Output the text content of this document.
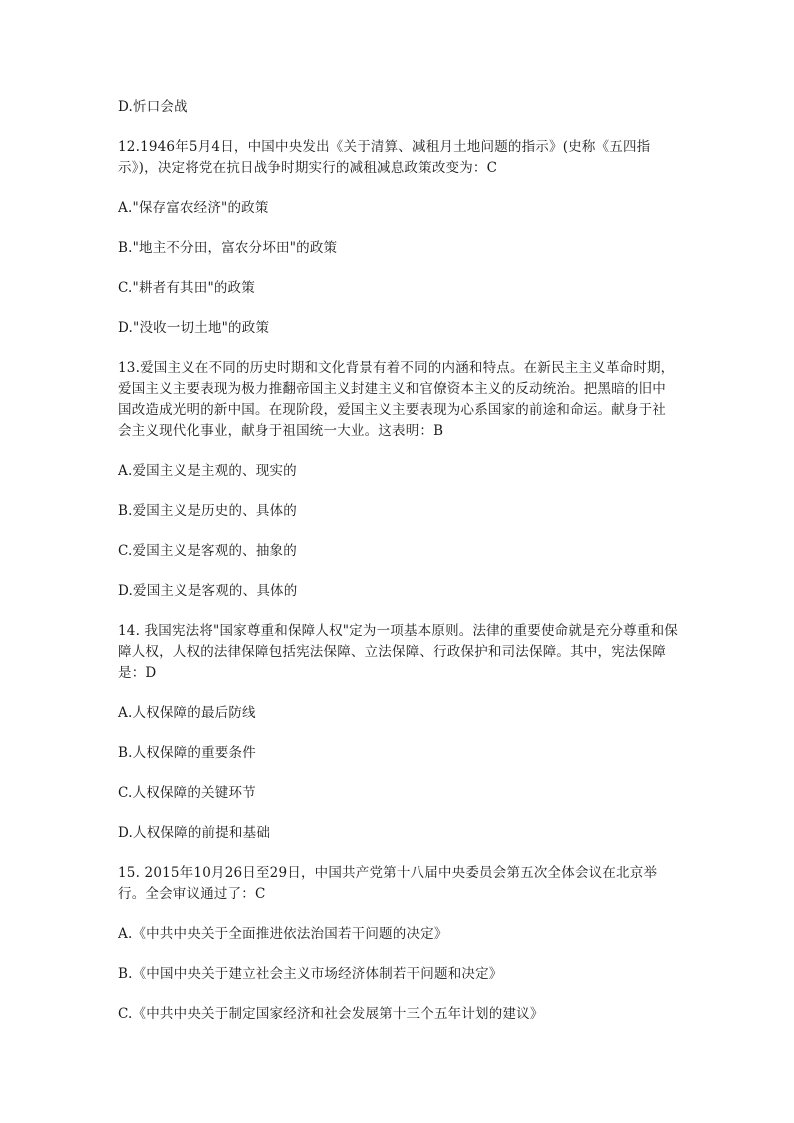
D.忻口会战

12.1946年5月4日，中国中央发出《关于清算、减租月土地问题的指示》(史称《五四指示》)，决定将党在抗日战争时期实行的减租减息政策改变为：C

A."保存富农经济"的政策

B."地主不分田，富农分坏田"的政策

C."耕者有其田"的政策

D."没收一切土地"的政策

13.爱国主义在不同的历史时期和文化背景有着不同的内涵和特点。在新民主主义革命时期，爱国主义主要表现为极力推翻帝国主义封建主义和官僚资本主义的反动统治。把黑暗的旧中国改造成光明的新中国。在现阶段，爱国主义主要表现为心系国家的前途和命运。献身于社会主义现代化事业，献身于祖国统一大业。这表明：B

A.爱国主义是主观的、现实的

B.爱国主义是历史的、具体的

C.爱国主义是客观的、抽象的

D.爱国主义是客观的、具体的

14. 我国宪法将"国家尊重和保障人权"定为一项基本原则。法律的重要使命就是充分尊重和保障人权，人权的法律保障包括宪法保障、立法保障、行政保护和司法保障。其中，宪法保障是：D

A.人权保障的最后防线

B.人权保障的重要条件

C.人权保障的关键环节

D.人权保障的前提和基础

15. 2015年10月26日至29日，中国共产党第十八届中央委员会第五次全体会议在北京举行。全会审议通过了：C

A.《中共中央关于全面推进依法治国若干问题的决定》

B.《中国中央关于建立社会主义市场经济体制若干问题和决定》

C.《中共中央关于制定国家经济和社会发展第十三个五年计划的建议》
